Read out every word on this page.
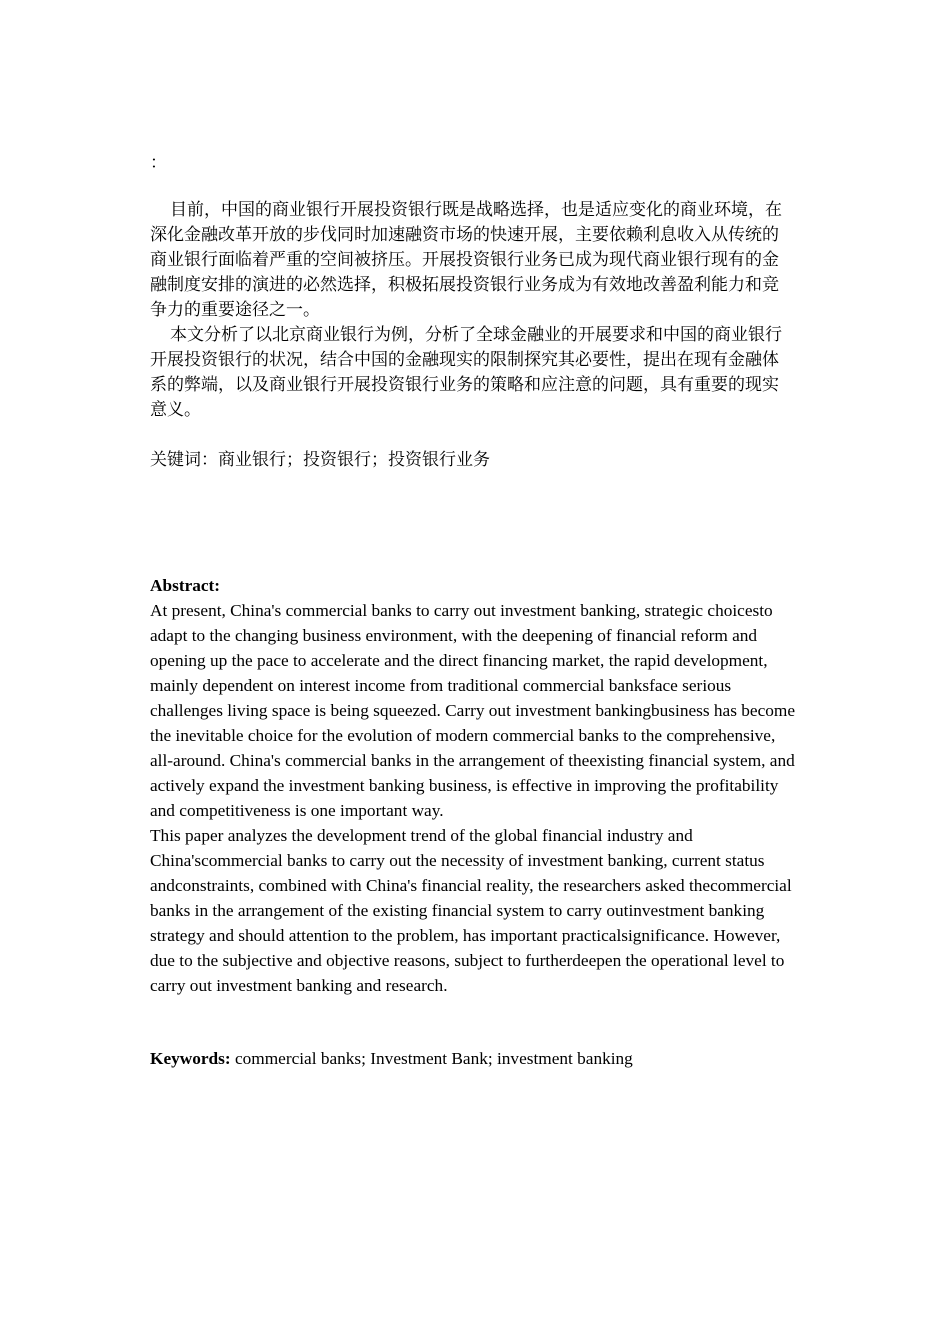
：

目前，中国的商业银行开展投资银行既是战略选择，也是适应变化的商业环境，在深化金融改革开放的步伐同时加速融资市场的快速开展，主要依赖利息收入从传统的商业银行面临着严重的空间被挤压。开展投资银行业务已成为现代商业银行现有的金融制度安排的演进的必然选择，积极拓展投资银行业务成为有效地改善盈利能力和竞争力的重要途径之一。

本文分析了以北京商业银行为例，分析了全球金融业的开展要求和中国的商业银行开展投资银行的状况，结合中国的金融现实的限制探究其必要性，提出在现有金融体系的弊端，以及商业银行开展投资银行业务的策略和应注意的问题，具有重要的现实意义。

关键词：商业银行；投资银行；投资银行业务
Abstract:

At present, China's commercial banks to carry out investment banking, strategic choicesto adapt to the changing business environment, with the deepening of financial reform and opening up the pace to accelerate and the direct financing market, the rapid development, mainly dependent on interest income from traditional commercial banksface serious challenges living space is being squeezed. Carry out investment bankingbusiness has become the inevitable choice for the evolution of modern commercial banks to the comprehensive, all-around. China's commercial banks in the arrangement of theexisting financial system, and actively expand the investment banking business, is effective in improving the profitability and competitiveness is one important way.

This paper analyzes the development trend of the global financial industry and China'scommercial banks to carry out the necessity of investment banking, current status andconstraints, combined with China's financial reality, the researchers asked thecommercial banks in the arrangement of the existing financial system to carry outinvestment banking strategy and should attention to the problem, has important practicalsignificance. However, due to the subjective and objective reasons, subject to furtherdeepen the operational level to carry out investment banking and research.

Keywords: commercial banks; Investment Bank; investment banking
